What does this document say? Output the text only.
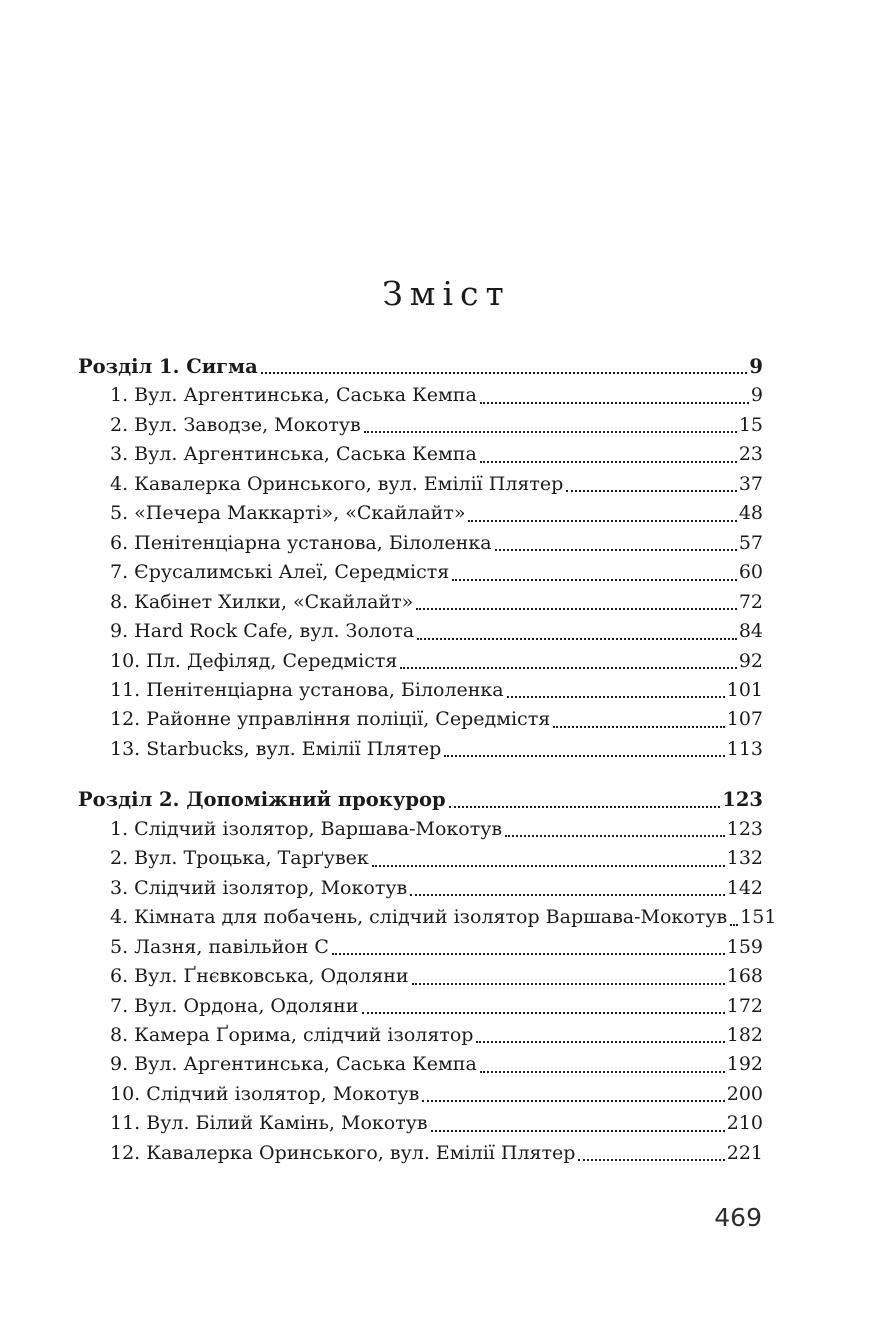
Зміст
Розділ 1. Сигма	9
1. Вул. Аргентинська, Саська Кемпа	9
2. Вул. Заводзе, Мокотув	15
3. Вул. Аргентинська, Саська Кемпа	23
4. Кавалерка Оринського, вул. Емілії Плятер	37
5. «Печера Маккарті», «Скайлайт»	48
6. Пенітенціарна установа, Білоленка	57
7. Єрусалимські Алеї, Середмістя	60
8. Кабінет Хилки, «Скайлайт»	72
9. Hard Rock Cafe, вул. Золота	84
10. Пл. Дефіляд, Середмістя	92
11. Пенітенціарна установа, Білоленка	101
12. Районне управління поліції, Середмістя	107
13. Starbucks, вул. Емілії Плятер	113
Розділ 2. Допоміжний прокурор	123
1. Слідчий ізолятор, Варшава-Мокотув	123
2. Вул. Троцька, Тарґувек	132
3. Слідчий ізолятор, Мокотув	142
4. Кімната для побачень, слідчий ізолятор Варшава-Мокотув 151
5. Лазня, павільйон С	159
6. Вул. Ґнєвковська, Одоляни	168
7. Вул. Ордона, Одоляни	172
8. Камера Ґорима, слідчий ізолятор	182
9. Вул. Аргентинська, Саська Кемпа	192
10. Слідчий ізолятор, Мокотув	200
11. Вул. Білий Камінь, Мокотув	210
12. Кавалерка Оринського, вул. Емілії Плятер	221
469
